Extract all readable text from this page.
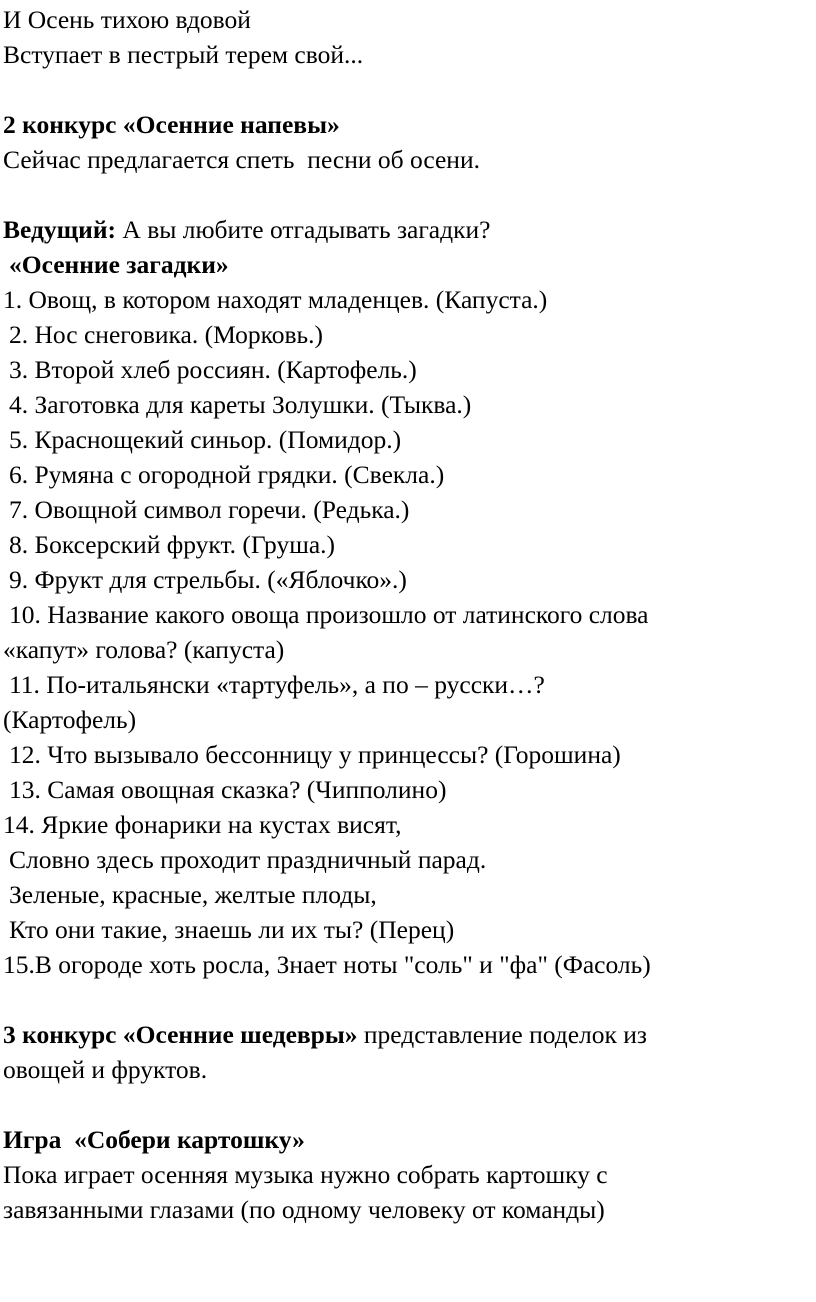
И Осень тихою вдовой
Вступает в пестрый терем свой...
2 конкурс «Осенние напевы»
Сейчас предлагается спеть  песни об осени.
Ведущий: А вы любите отгадывать загадки?
«Осенние загадки»
1. Овощ, в котором находят младенцев. (Капуста.)
2. Нос снеговика. (Морковь.)
3. Второй хлеб россиян. (Картофель.)
4. Заготовка для кареты Золушки. (Тыква.)
5. Краснощекий синьор. (Помидор.)
6. Румяна с огородной грядки. (Свекла.)
7. Овощной символ горечи. (Редька.)
8. Боксерский фрукт. (Груша.)
9. Фрукт для стрельбы. («Яблочко».)
10. Название какого овоща произошло от латинского слова
«капут» голова? (капуста)
11. По-итальянски «тартуфель», а по – русски…?
(Картофель)
12. Что вызывало бессонницу у принцессы? (Горошина)
13. Самая овощная сказка? (Чипполино)
14. Яркие фонарики на кустах висят,
Словно здесь проходит праздничный парад.
Зеленые, красные, желтые плоды,
Кто они такие, знаешь ли их ты? (Перец)
15.В огороде хоть росла, Знает ноты "соль" и "фа" (Фасоль)
3 конкурс «Осенние шедевры» представление поделок из
овощей и фруктов.
Игра  «Собери картошку»
Пока играет осенняя музыка нужно собрать картошку с
завязанными глазами (по одному человеку от команды)
